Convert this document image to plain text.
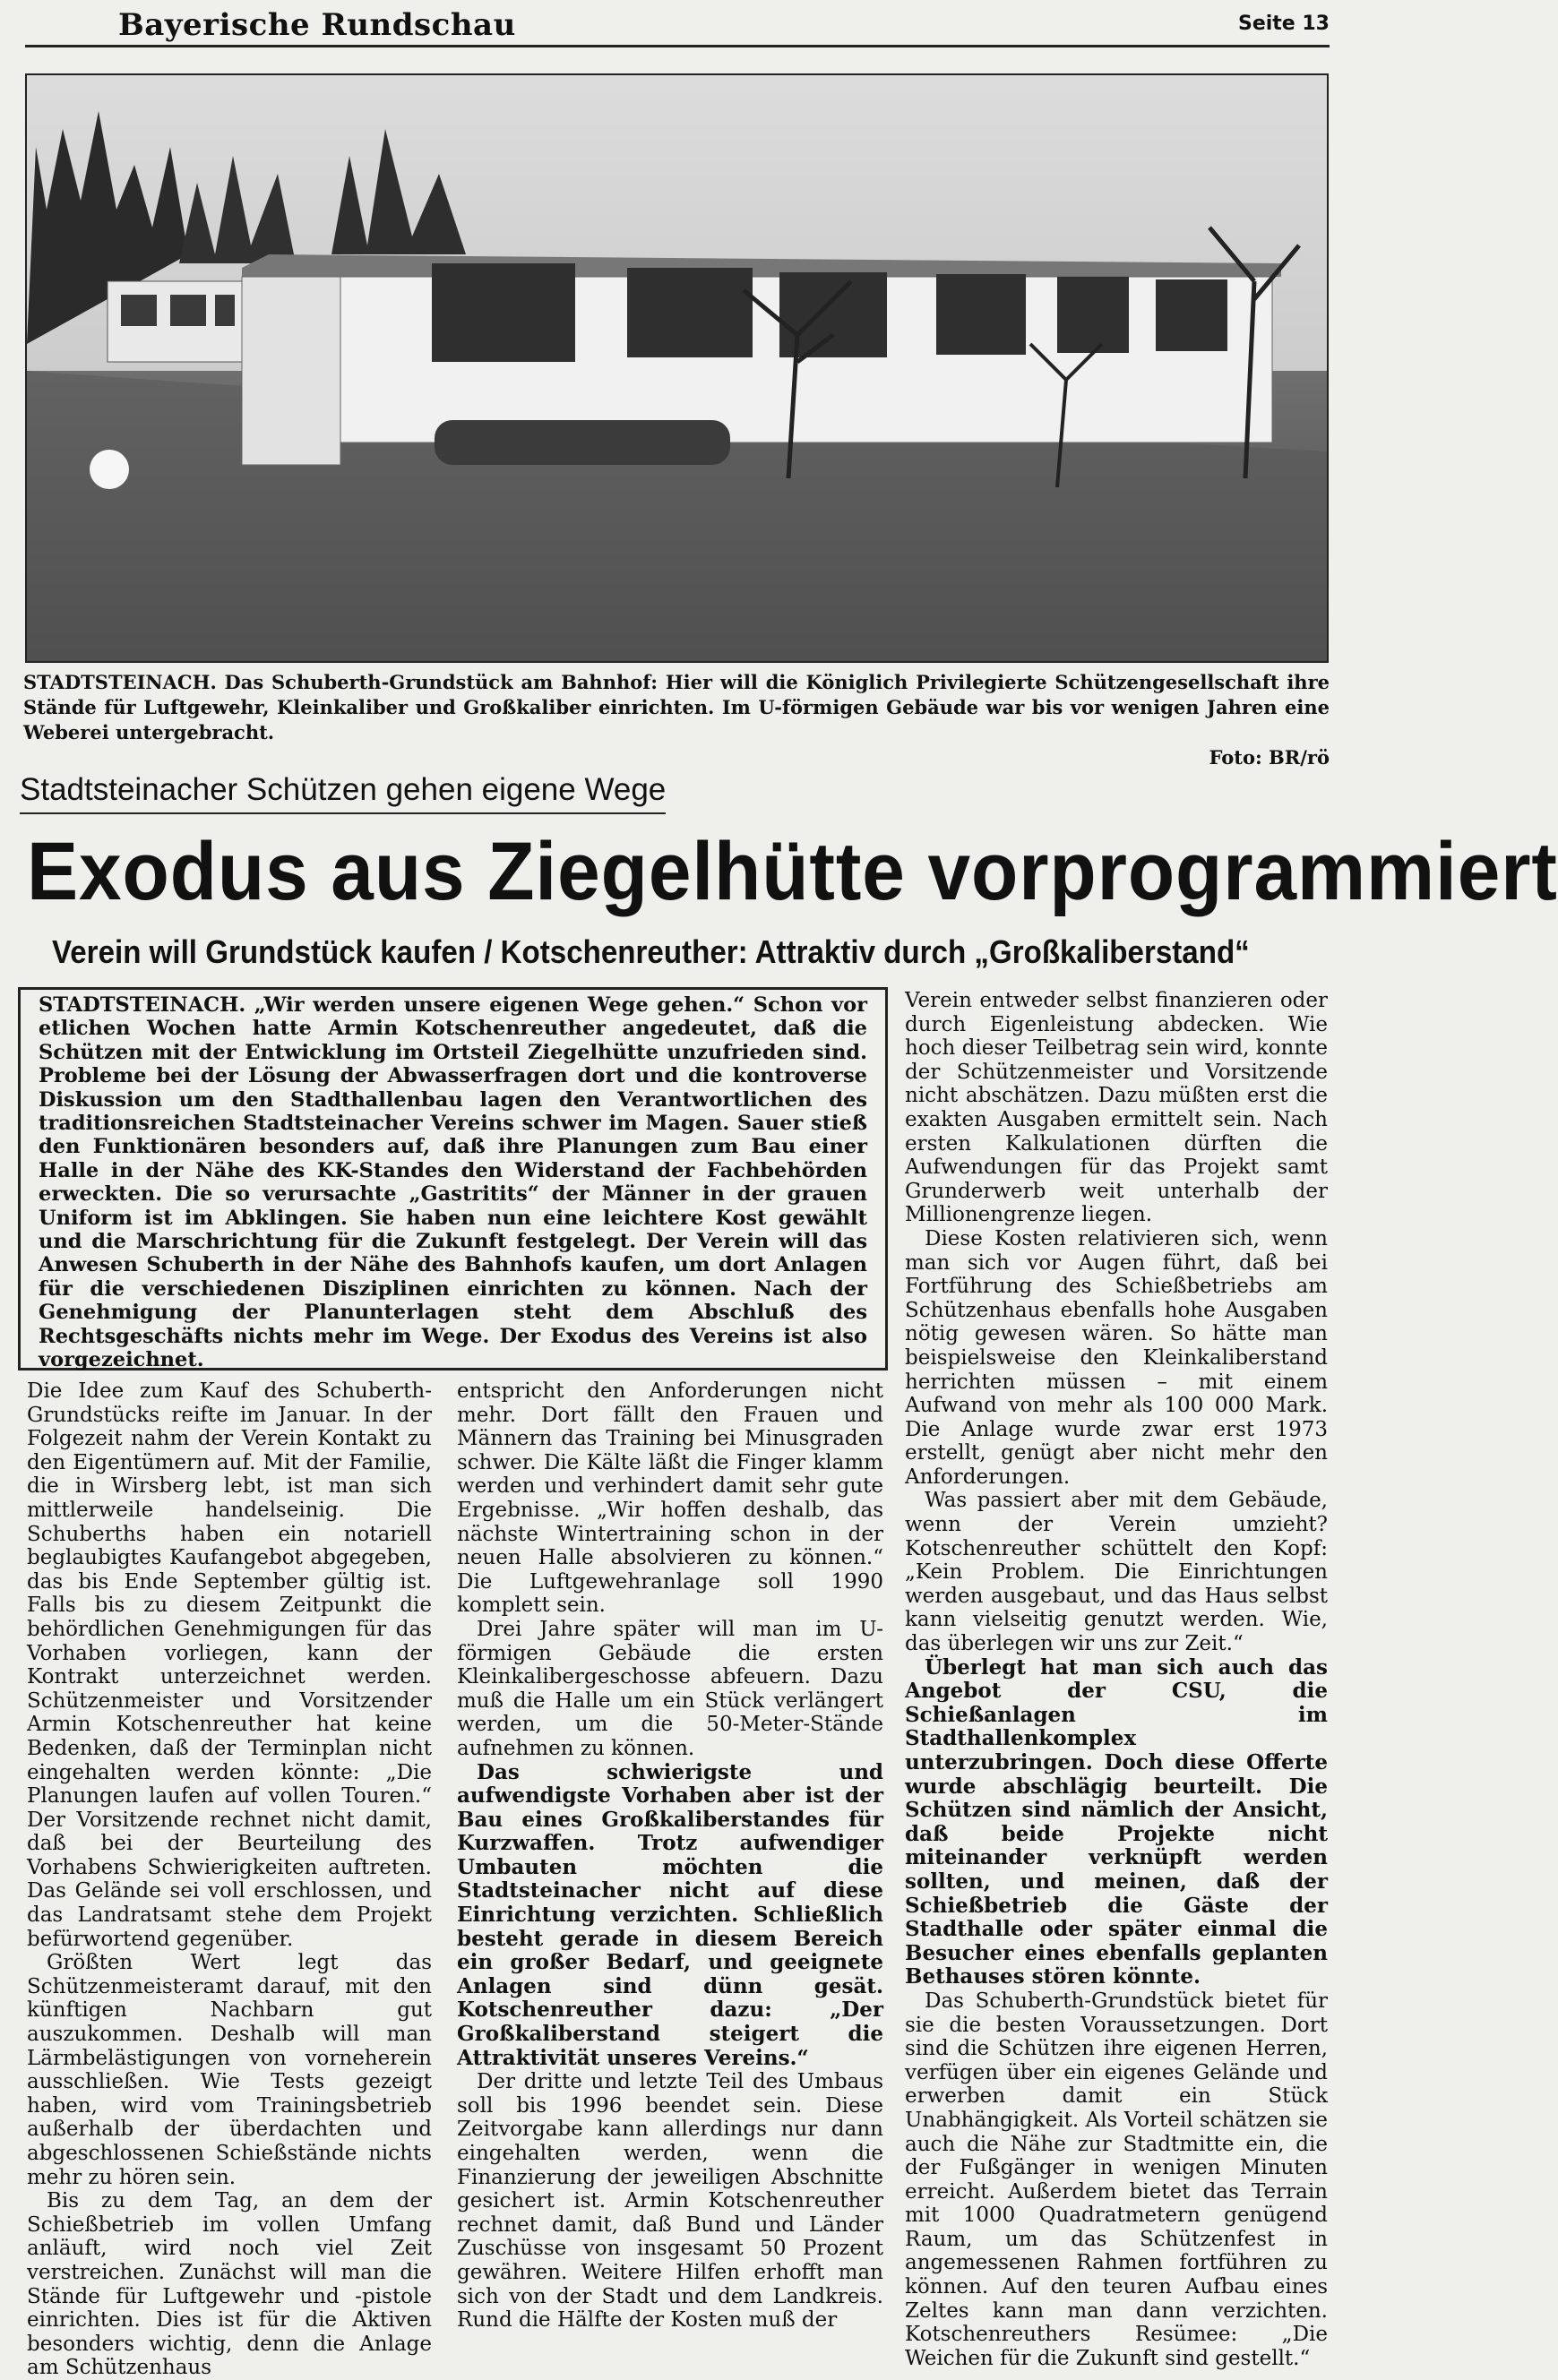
Bayerische Rundschau	Seite 13
STADTSTEINACH. Das Schuberth-Grundstück am Bahnhof: Hier will die Königlich Privilegierte Schützengesellschaft ihre Stände für Luftgewehr, Kleinkaliber und Großkaliber einrichten. Im U-förmigen Gebäude war bis vor wenigen Jahren eine Weberei untergebracht.
Foto: BR/rö
Stadtsteinacher Schützen gehen eigene Wege
Exodus aus Ziegelhütte vorprogrammiert
Verein will Grundstück kaufen / Kotschenreuther: Attraktiv durch „Großkaliberstand“

STADTSTEINACH. „Wir werden unsere eigenen Wege gehen.“ Schon vor etlichen Wochen hatte Armin Kotschenreuther angedeutet, daß die Schützen mit der Entwicklung im Ortsteil Ziegelhütte unzufrieden sind. Probleme bei der Lösung der Abwasserfragen dort und die kontroverse Diskussion um den Stadthallenbau lagen den Verantwortlichen des traditionsreichen Stadtsteinacher Vereins schwer im Magen. Sauer stieß den Funktionären besonders auf, daß ihre Planungen zum Bau einer Halle in der Nähe des KK-Standes den Widerstand der Fachbehörden erweckten. Die so verursachte „Gastritits“ der Männer in der grauen Uniform ist im Abklingen. Sie haben nun eine leichtere Kost gewählt und die Marschrichtung für die Zukunft festgelegt. Der Verein will das Anwesen Schuberth in der Nähe des Bahnhofs kaufen, um dort Anlagen für die verschiedenen Disziplinen einrichten zu können. Nach der Genehmigung der Planunterlagen steht dem Abschluß des Rechtsgeschäfts nichts mehr im Wege. Der Exodus des Vereins ist also vorgezeichnet.

Die Idee zum Kauf des Schuberth-Grundstücks reifte im Januar. In der Folgezeit nahm der Verein Kontakt zu den Eigentümern auf. Mit der Familie, die in Wirsberg lebt, ist man sich mittlerweile handelseinig. Die Schuberths haben ein notariell beglaubigtes Kaufangebot abgegeben, das bis Ende September gültig ist. Falls bis zu diesem Zeitpunkt die behördlichen Genehmigungen für das Vorhaben vorliegen, kann der Kontrakt unterzeichnet werden. Schützenmeister und Vorsitzender Armin Kotschenreuther hat keine Bedenken, daß der Terminplan nicht eingehalten werden könnte: „Die Planungen laufen auf vollen Touren.“ Der Vorsitzende rechnet nicht damit, daß bei der Beurteilung des Vorhabens Schwierigkeiten auftreten. Das Gelände sei voll erschlossen, und das Landratsamt stehe dem Projekt befürwortend gegenüber.

Größten Wert legt das Schützenmeisteramt darauf, mit den künftigen Nachbarn gut auszukommen. Deshalb will man Lärmbelästigungen von vorneherein ausschließen. Wie Tests gezeigt haben, wird vom Trainingsbetrieb außerhalb der überdachten und abgeschlossenen Schießstände nichts mehr zu hören sein.

Bis zu dem Tag, an dem der Schießbetrieb im vollen Umfang anläuft, wird noch viel Zeit verstreichen. Zunächst will man die Stände für Luftgewehr und -pistole einrichten. Dies ist für die Aktiven besonders wichtig, denn die Anlage am Schützenhaus

entspricht den Anforderungen nicht mehr. Dort fällt den Frauen und Männern das Training bei Minusgraden schwer. Die Kälte läßt die Finger klamm werden und verhindert damit sehr gute Ergebnisse. „Wir hoffen deshalb, das nächste Wintertraining schon in der neuen Halle absolvieren zu können.“ Die Luftgewehranlage soll 1990 komplett sein.

Drei Jahre später will man im U-förmigen Gebäude die ersten Kleinkalibergeschosse abfeuern. Dazu muß die Halle um ein Stück verlängert werden, um die 50-Meter-Stände aufnehmen zu können.

Das schwierigste und aufwendigste Vorhaben aber ist der Bau eines Großkaliberstandes für Kurzwaffen. Trotz aufwendiger Umbauten möchten die Stadtsteinacher nicht auf diese Einrichtung verzichten. Schließlich besteht gerade in diesem Bereich ein großer Bedarf, und geeignete Anlagen sind dünn gesät. Kotschenreuther dazu: „Der Großkaliberstand steigert die Attraktivität unseres Vereins.“

Der dritte und letzte Teil des Umbaus soll bis 1996 beendet sein. Diese Zeitvorgabe kann allerdings nur dann eingehalten werden, wenn die Finanzierung der jeweiligen Abschnitte gesichert ist. Armin Kotschenreuther rechnet damit, daß Bund und Länder Zuschüsse von insgesamt 50 Prozent gewähren. Weitere Hilfen erhofft man sich von der Stadt und dem Landkreis. Rund die Hälfte der Kosten muß der

Verein entweder selbst finanzieren oder durch Eigenleistung abdecken. Wie hoch dieser Teilbetrag sein wird, konnte der Schützenmeister und Vorsitzende nicht abschätzen. Dazu müßten erst die exakten Ausgaben ermittelt sein. Nach ersten Kalkulationen dürften die Aufwendungen für das Projekt samt Grunderwerb weit unterhalb der Millionengrenze liegen.

Diese Kosten relativieren sich, wenn man sich vor Augen führt, daß bei Fortführung des Schießbetriebs am Schützenhaus ebenfalls hohe Ausgaben nötig gewesen wären. So hätte man beispielsweise den Kleinkaliberstand herrichten müssen – mit einem Aufwand von mehr als 100 000 Mark. Die Anlage wurde zwar erst 1973 erstellt, genügt aber nicht mehr den Anforderungen.

Was passiert aber mit dem Gebäude, wenn der Verein umzieht? Kotschenreuther schüttelt den Kopf: „Kein Problem. Die Einrichtungen werden ausgebaut, und das Haus selbst kann vielseitig genutzt werden. Wie, das überlegen wir uns zur Zeit.“

Überlegt hat man sich auch das Angebot der CSU, die Schießanlagen im Stadthallenkomplex unterzubringen. Doch diese Offerte wurde abschlägig beurteilt. Die Schützen sind nämlich der Ansicht, daß beide Projekte nicht miteinander verknüpft werden sollten, und meinen, daß der Schießbetrieb die Gäste der Stadthalle oder später einmal die Besucher eines ebenfalls geplanten Bethauses stören könnte.

Das Schuberth-Grundstück bietet für sie die besten Voraussetzungen. Dort sind die Schützen ihre eigenen Herren, verfügen über ein eigenes Gelände und erwerben damit ein Stück Unabhängigkeit. Als Vorteil schätzen sie auch die Nähe zur Stadtmitte ein, die der Fußgänger in wenigen Minuten erreicht. Außerdem bietet das Terrain mit 1000 Quadratmetern genügend Raum, um das Schützenfest in angemessenen Rahmen fortführen zu können. Auf den teuren Aufbau eines Zeltes kann man dann verzichten. Kotschenreuthers Resümee: „Die Weichen für die Zukunft sind gestellt.“
